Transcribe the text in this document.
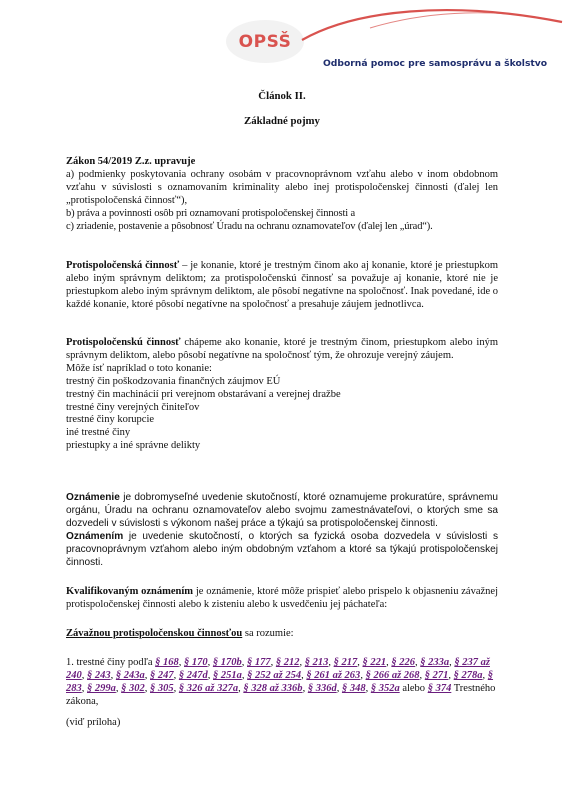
OPSŠ
Odborná pomoc pre samosprávu a školstvo
Článok II.
Základné pojmy

Zákon 54/2019 Z.z. upravuje

a) podmienky poskytovania ochrany osobám v pracovnoprávnom vzťahu alebo v inom obdobnom vzťahu v súvislosti s oznamovaním kriminality alebo inej protispoločenskej činnosti (ďalej len „protispoločenská činnosť“),

b) práva a povinnosti osôb pri oznamovaní protispoločenskej činnosti a

c) zriadenie, postavenie a pôsobnosť Úradu na ochranu oznamovateľov (ďalej len „úrad“).

Protispoločenská činnosť – je konanie, ktoré je trestným činom ako aj konanie, ktoré je priestupkom alebo iným správnym deliktom; za protispoločenskú činnosť sa považuje aj konanie, ktoré nie je priestupkom alebo iným správnym deliktom, ale pôsobí negatívne na spoločnosť. Inak povedané, ide o každé konanie, ktoré pôsobí negatívne na spoločnosť a presahuje záujem jednotlivca.

Protispoločenskú činnosť chápeme ako konanie, ktoré je trestným činom, priestupkom alebo iným správnym deliktom, alebo pôsobí negatívne na spoločnosť tým, že ohrozuje verejný záujem.

Môže ísť napríklad o toto konanie:

trestný čin poškodzovania finančných záujmov EÚ

trestný čin machinácií pri verejnom obstarávaní a verejnej dražbe

trestné činy verejných činiteľov

trestné činy korupcie

iné trestné činy

priestupky a iné správne delikty

Oznámenie je dobromyseľné uvedenie skutočností, ktoré oznamujeme prokuratúre, správnemu orgánu, Úradu na ochranu oznamovateľov alebo svojmu zamestnávateľovi, o ktorých sme sa dozvedeli v súvislosti s výkonom našej práce a týkajú sa protispoločenskej činnosti.

Oznámením je uvedenie skutočností, o ktorých sa fyzická osoba dozvedela v súvislosti s pracovnoprávnym vzťahom alebo iným obdobným vzťahom a ktoré sa týkajú protispoločenskej činnosti.

Kvalifikovaným oznámením je oznámenie, ktoré môže prispieť alebo prispelo k objasneniu závažnej protispoločenskej činnosti alebo k zisteniu alebo k usvedčeniu jej páchateľa:

Závažnou protispoločenskou činnosťou sa rozumie:

1. trestné činy podľa § 168, § 170, § 170b, § 177, § 212, § 213, § 217, § 221, § 226, § 233a, § 237 až 240, § 243, § 243a, § 247, § 247d, § 251a, § 252 až 254, § 261 až 263, § 266 až 268, § 271, § 278a, § 283, § 299a, § 302, § 305, § 326 až 327a, § 328 až 336b, § 336d, § 348, § 352a alebo § 374 Trestného zákona,

(viď príloha)
